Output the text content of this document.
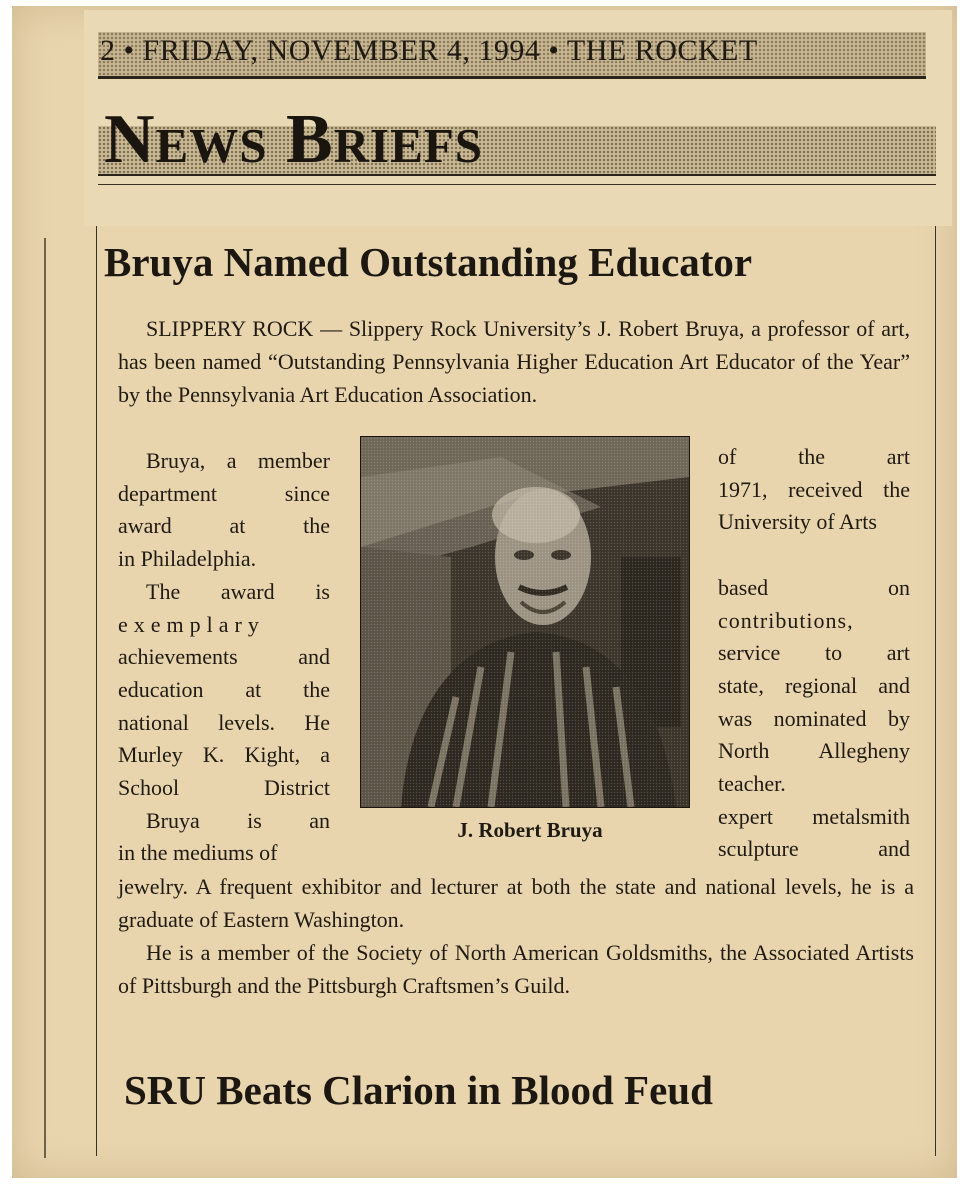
2 • FRIDAY, NOVEMBER 4, 1994 • THE ROCKET
News Briefs
Bruya Named Outstanding Educator

SLIPPERY ROCK — Slippery Rock University’s J. Robert Bruya, a professor of art, has been named “Outstanding Pennsylvania Higher Education Art Educator of the Year” by the Pennsylvania Art Education Association.

Bruya, a member
department since
award at the
in Philadelphia.
The award is
exemplary
achievements and
education at the
national levels. He
Murley K. Kight, a
School District
Bruya is an
in the mediums of
J. Robert Bruya
of the art
1971, received the
University of Arts

based on
contributions,
service to art
state, regional and
was nominated by
North Allegheny
teacher.
expert metalsmith
sculpture and

jewelry. A frequent exhibitor and lecturer at both the state and national levels, he is a graduate of Eastern Washington.

He is a member of the Society of North American Goldsmiths, the Associated Artists of Pittsburgh and the Pittsburgh Craftsmen’s Guild.

SRU Beats Clarion in Blood Feud
